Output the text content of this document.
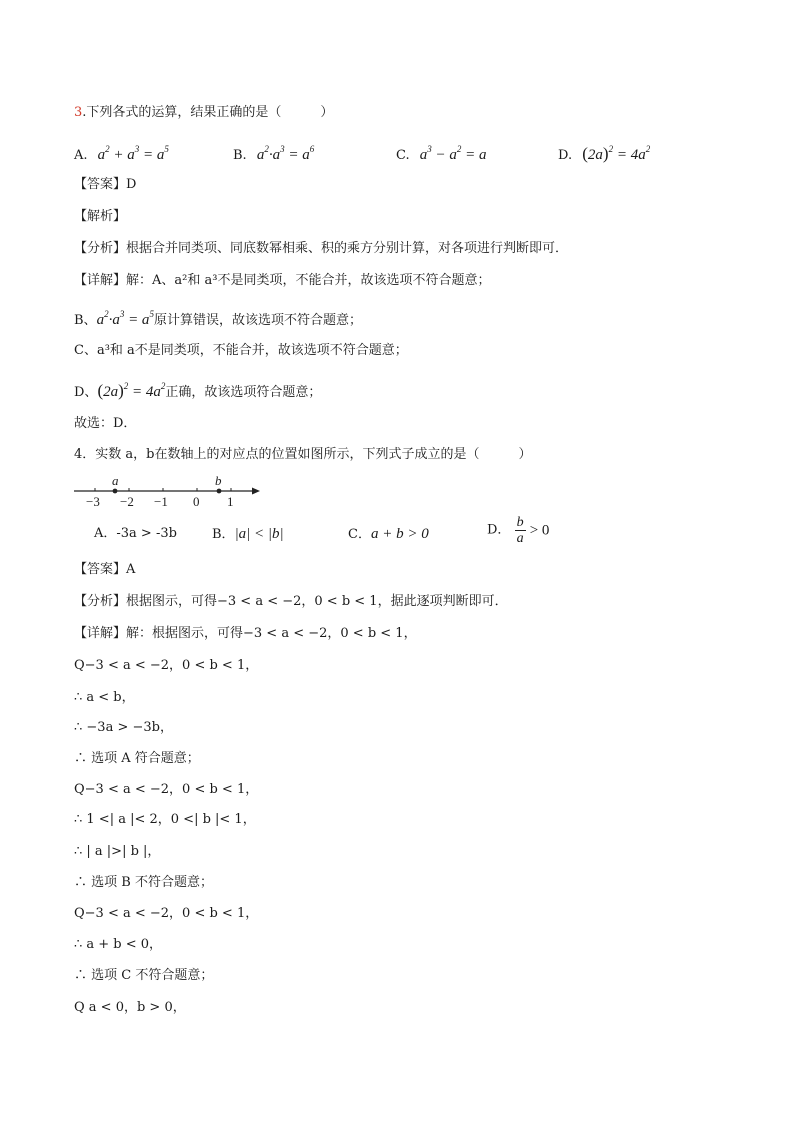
3.下列各式的运算，结果正确的是（　　　）
A. $a^2 + a^3 = a^5$	B. $a^2\cdot a^3 = a^6$	C. $a^3 - a^2 = a$	D. $(2a)^2 = 4a^2$
【答案】D
【解析】
【分析】根据合并同类项、同底数幂相乘、积的乘方分别计算，对各项进行判断即可．
【详解】解：A、a²和 a³不是同类项，不能合并，故该选项不符合题意；
B、$a^2\cdot a^3 = a^5$原计算错误，故该选项不符合题意；
C、a³和 a不是同类项，不能合并，故该选项不符合题意；
D、$(2a)^2 = 4a^2$正确，故该选项符合题意；
故选：D．
4．实数 a，b在数轴上的对应点的位置如图所示，下列式子成立的是（　　　）
a	b
−3 −2 −1 0 1
A．-3a > -3b	B．|a| < |b|	C．a + b > 0	D． $\frac{b}{a} > 0$
【答案】A
【分析】根据图示，可得−3 < a < −2，0 < b < 1，据此逐项判断即可．
【详解】解：根据图示，可得−3 < a < −2，0 < b < 1，
Q−3 < a < −2，0 < b < 1，
∴ a < b，
∴ −3a > −3b，
∴ 选项 A 符合题意；
Q−3 < a < −2，0 < b < 1，
∴ 1 <| a |< 2，0 <| b |< 1，
∴ | a |>| b |，
∴ 选项 B 不符合题意；
Q−3 < a < −2，0 < b < 1，
∴ a + b < 0，
∴ 选项 C 不符合题意；
Q a < 0，b > 0，
